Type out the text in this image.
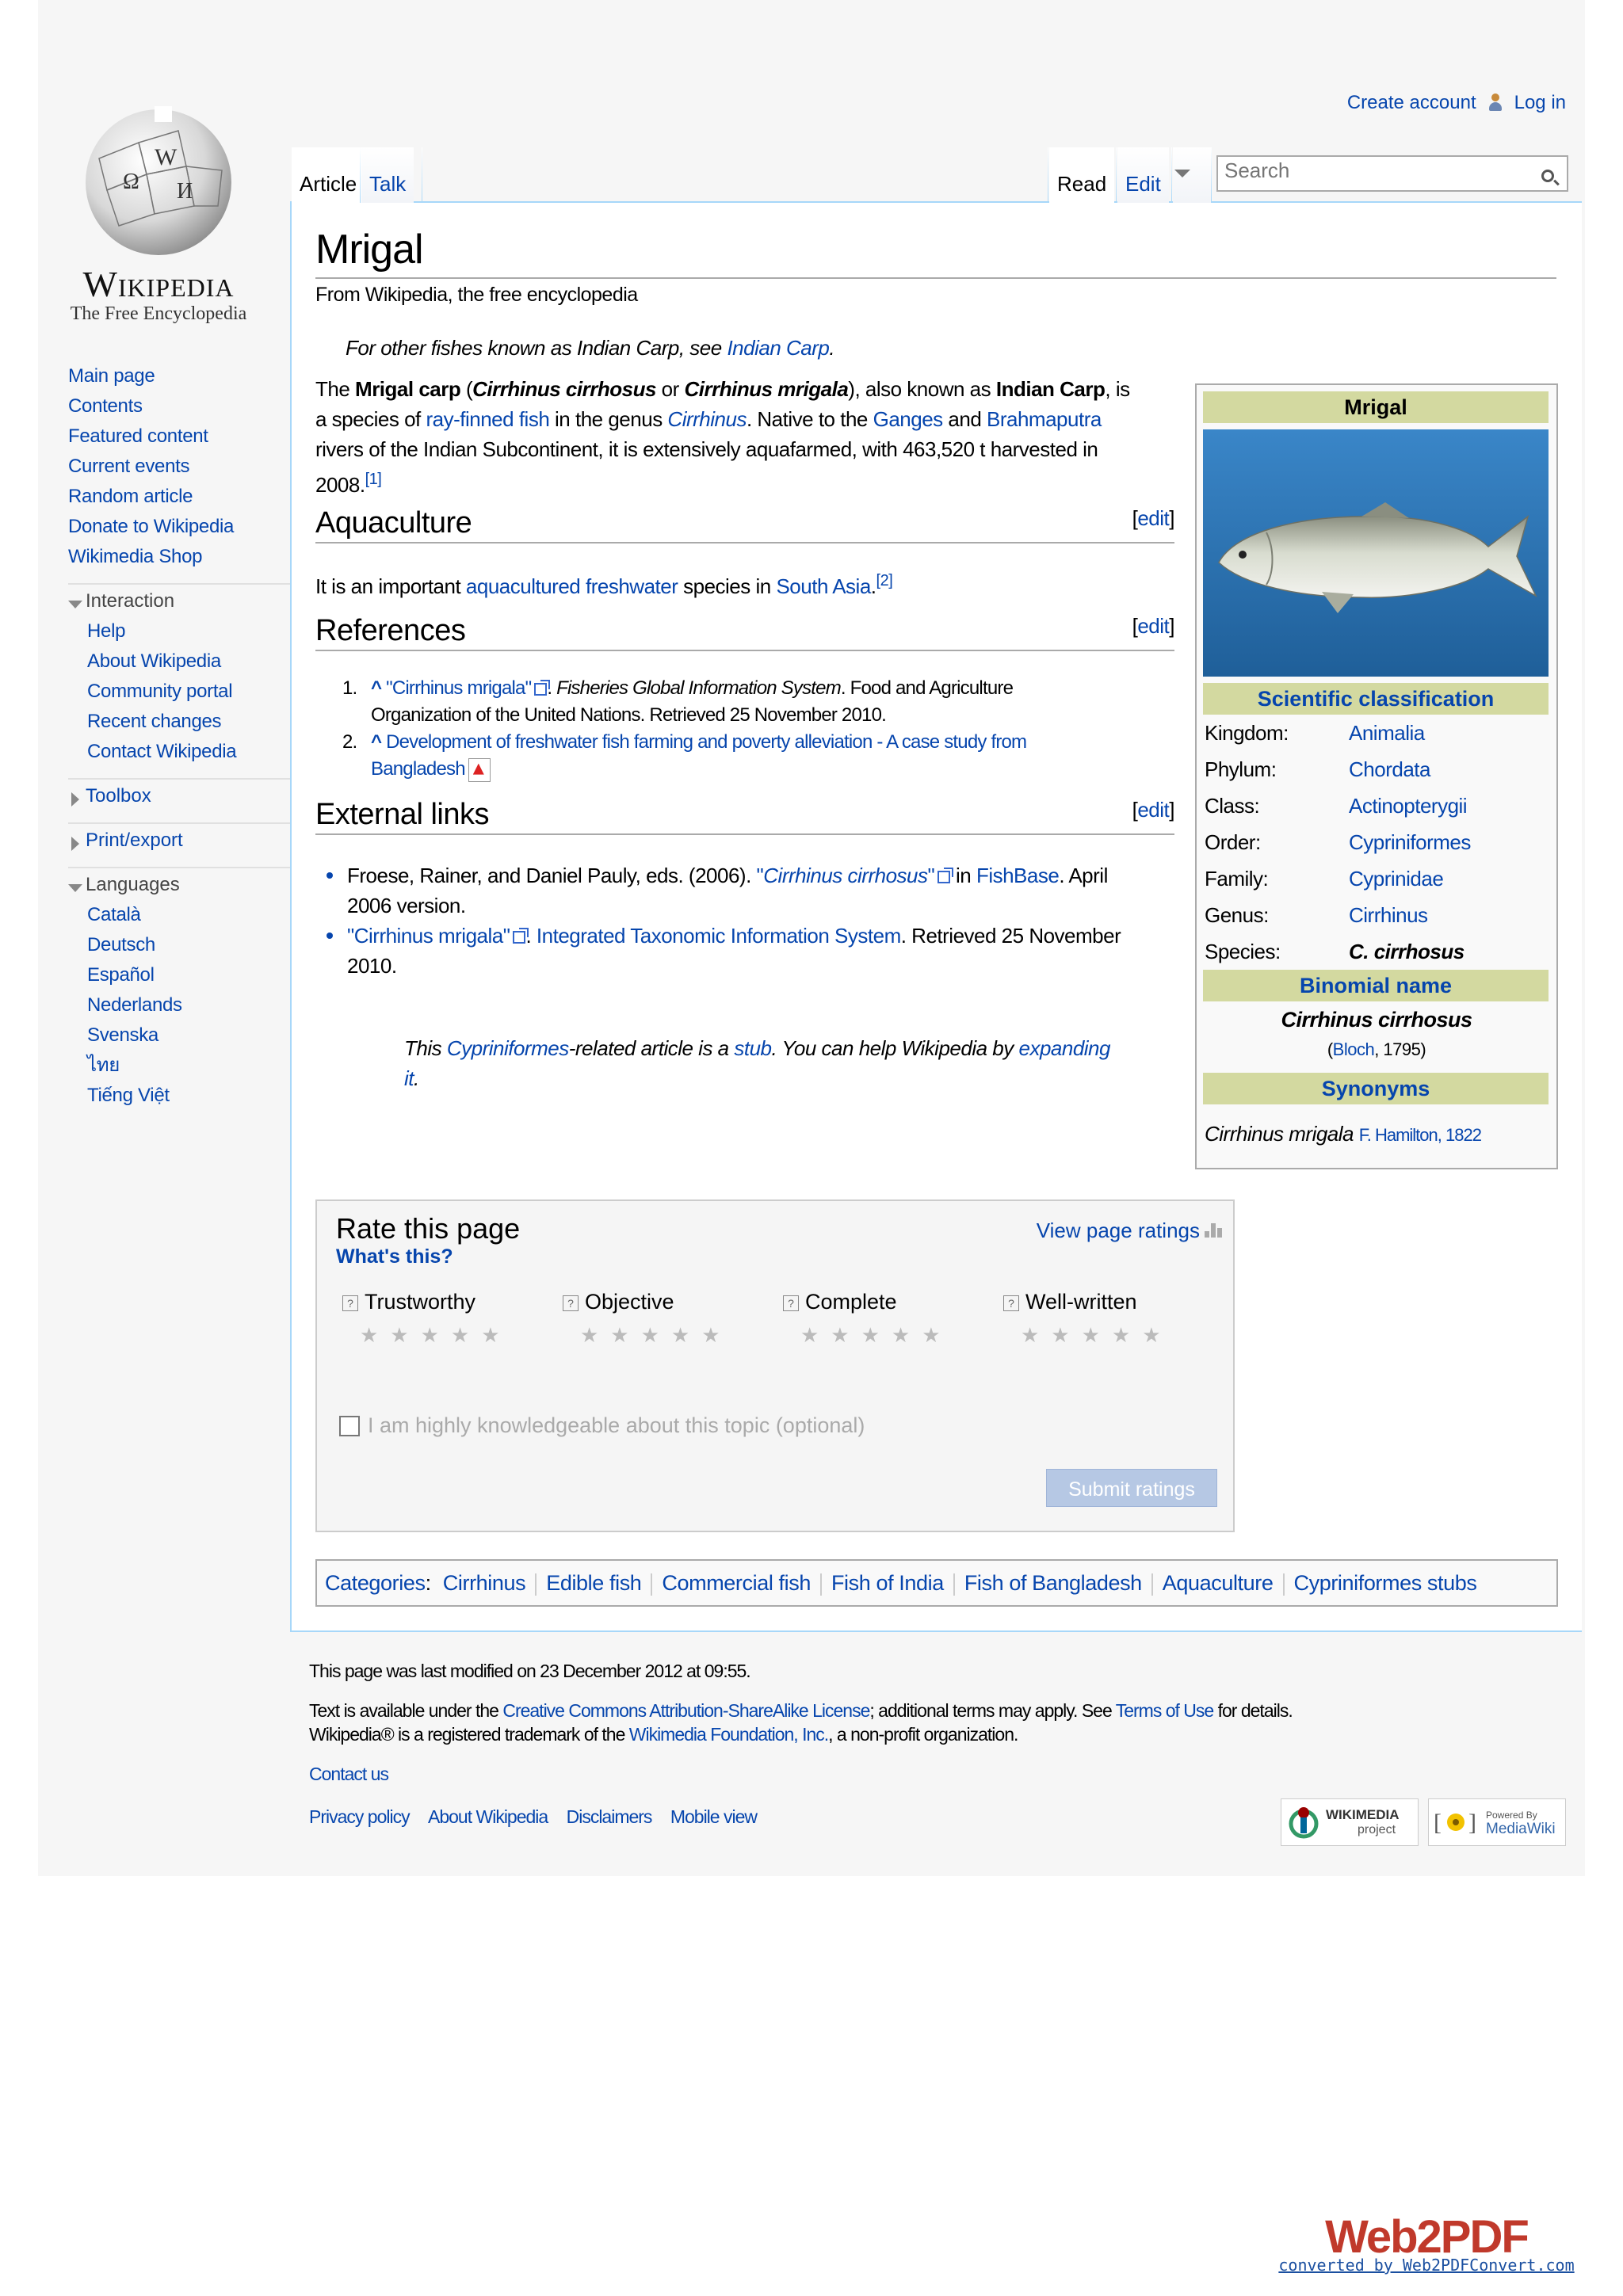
Create account Log in
W
Ω И
Wikipedia
The Free Encyclopedia
Main page
Contents
Featured content
Current events
Random article
Donate to Wikipedia
Wikimedia Shop
Interaction
Help
About Wikipedia
Community portal
Recent changes
Contact Wikipedia
Toolbox
Print/export
Languages
Català
Deutsch
Español
Nederlands
Svenska
ไทย
Tiếng Việt
Article Talk	Read Edit
Search
Mrigal
From Wikipedia, the free encyclopedia
For other fishes known as Indian Carp, see Indian Carp.
The Mrigal carp (Cirrhinus cirrhosus or Cirrhinus mrigala), also known as Indian Carp, is
a species of ray-finned fish in the genus Cirrhinus. Native to the Ganges and Brahmaputra
rivers of the Indian Subcontinent, it is extensively aquafarmed, with 463,520 t harvested in
2008.[1]
Aquaculture	[edit]
It is an important aquacultured freshwater species in South Asia.[2]
References	[edit]
1. ^ "Cirrhinus mrigala" . Fisheries Global Information System. Food and Agriculture
Organization of the United Nations. Retrieved 25 November 2010.
2. ^ Development of freshwater fish farming and poverty alleviation - A case study from
Bangladesh
External links	[edit]
Froese, Rainer, and Daniel Pauly, eds. (2006). "Cirrhinus cirrhosus" in FishBase. April
2006 version.
"Cirrhinus mrigala" . Integrated Taxonomic Information System. Retrieved 25 November
2010.
This Cypriniformes-related article is a stub. You can help Wikipedia by expanding
it.
Mrigal
Scientific classification
Kingdom:	Animalia
Phylum:	Chordata
Class:	Actinopterygii
Order:	Cypriniformes
Family:	Cyprinidae
Genus:	Cirrhinus
Species:	C. cirrhosus
Binomial name
Cirrhinus cirrhosus
(Bloch, 1795)
Synonyms
Cirrhinus mrigala F. Hamilton, 1822
Rate this page
What's this?
View page ratings
? Trustworthy	? Objective	? Complete	? Well-written
★★★★★	★★★★★	★★★★★	★★★★★
I am highly knowledgeable about this topic (optional)
Submit ratings
Categories: Cirrhinus Edible fish Commercial fish Fish of India Fish of Bangladesh Aquaculture Cypriniformes stubs
This page was last modified on 23 December 2012 at 09:55.
Text is available under the Creative Commons Attribution-ShareAlike License; additional terms may apply. See Terms of Use for details.
Wikipedia® is a registered trademark of the Wikimedia Foundation, Inc., a non-profit organization.
Contact us
Privacy policy About Wikipedia Disclaimers Mobile view	WIKIMEDIA
project [ ] Powered By
MediaWiki
Web2PDF
converted by Web2PDFConvert.com
